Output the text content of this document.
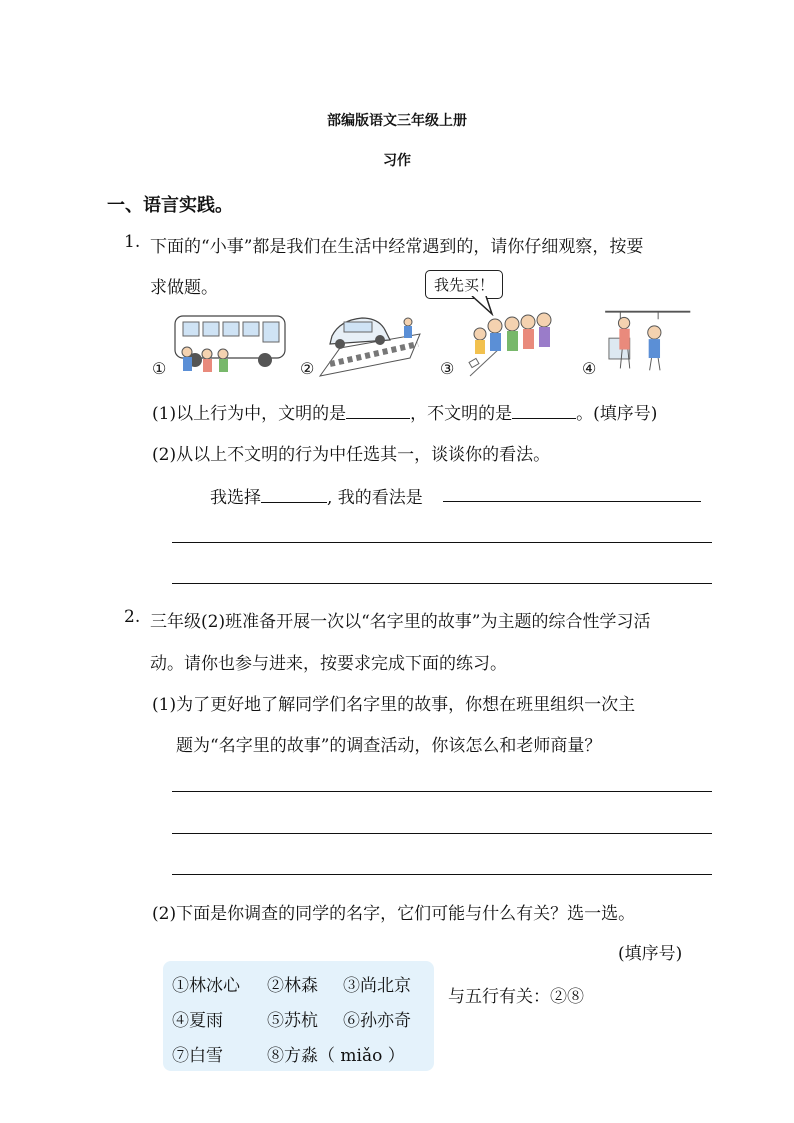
部编版语文三年级上册
习作
一、语言实践。
1. 下面的“小事”都是我们在生活中经常遇到的，请你仔细观察，按要
求做题。	我先买！
①	②	③	④
(1)以上行为中，文明的是	，不文明的是	。(填序号)
(2)从以上不文明的行为中任选其一，谈谈你的看法。
我选择	, 我的看法是
2. 三年级(2)班准备开展一次以“名字里的故事”为主题的综合性学习活
动。请你也参与进来，按要求完成下面的练习。
(1)为了更好地了解同学们名字里的故事，你想在班里组织一次主
题为“名字里的故事”的调查活动，你该怎么和老师商量？
(2)下面是你调查的同学的名字，它们可能与什么有关？选一选。
(填序号)
①林冰心 ②林森 ③尚北京
④夏雨	⑤苏杭 ⑥孙亦奇
⑦白雪	⑧方淼（ miǎo ）
与五行有关：②⑧
